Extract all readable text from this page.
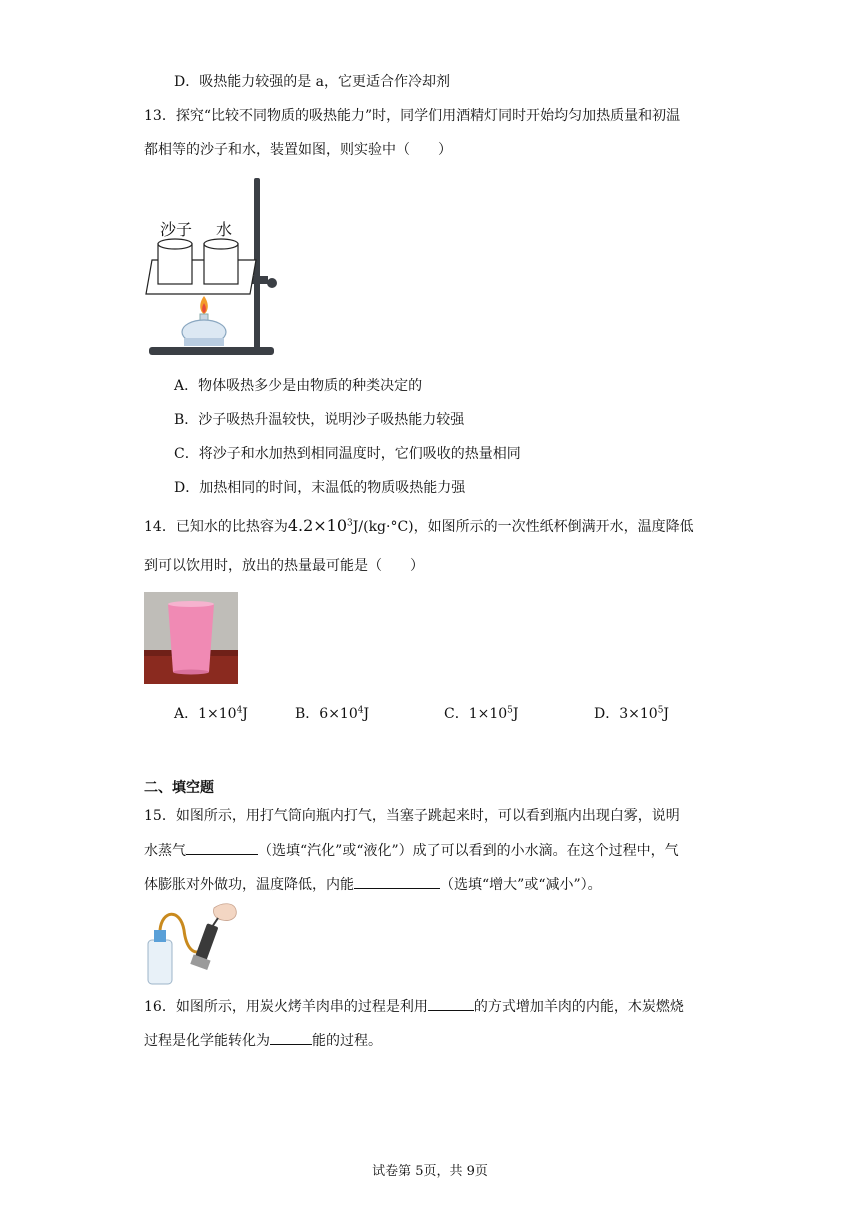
D．吸热能力较强的是 a，它更适合作冷却剂
13．探究“比较不同物质的吸热能力”时，同学们用酒精灯同时开始均匀加热质量和初温
都相等的沙子和水，装置如图，则实验中（　　）
沙子 水
A．物体吸热多少是由物质的种类决定的
B．沙子吸热升温较快，说明沙子吸热能力较强
C．将沙子和水加热到相同温度时，它们吸收的热量相同
D．加热相同的时间，末温低的物质吸热能力强
14．已知水的比热容为$4.2\times 10^3J/(kg\cdot^\circ C)$，如图所示的一次性纸杯倒满开水，温度降低
到可以饮用时，放出的热量最可能是（　　）
A．$1\times 10^4J$	B．$6\times 10^4J$	C．$1\times 10^5J$	D．$3\times 10^5J$
二、填空题
15．如图所示，用打气筒向瓶内打气，当塞子跳起来时，可以看到瓶内出现白雾，说明
水蒸气	（选填“汽化”或“液化”）成了可以看到的小水滴。在这个过程中，气
体膨胀对外做功，温度降低，内能	（选填“增大”或“减小”）。
16．如图所示，用炭火烤羊肉串的过程是利用	的方式增加羊肉的内能，木炭燃烧
过程是化学能转化为	能的过程。
试卷第 5页，共 9页
